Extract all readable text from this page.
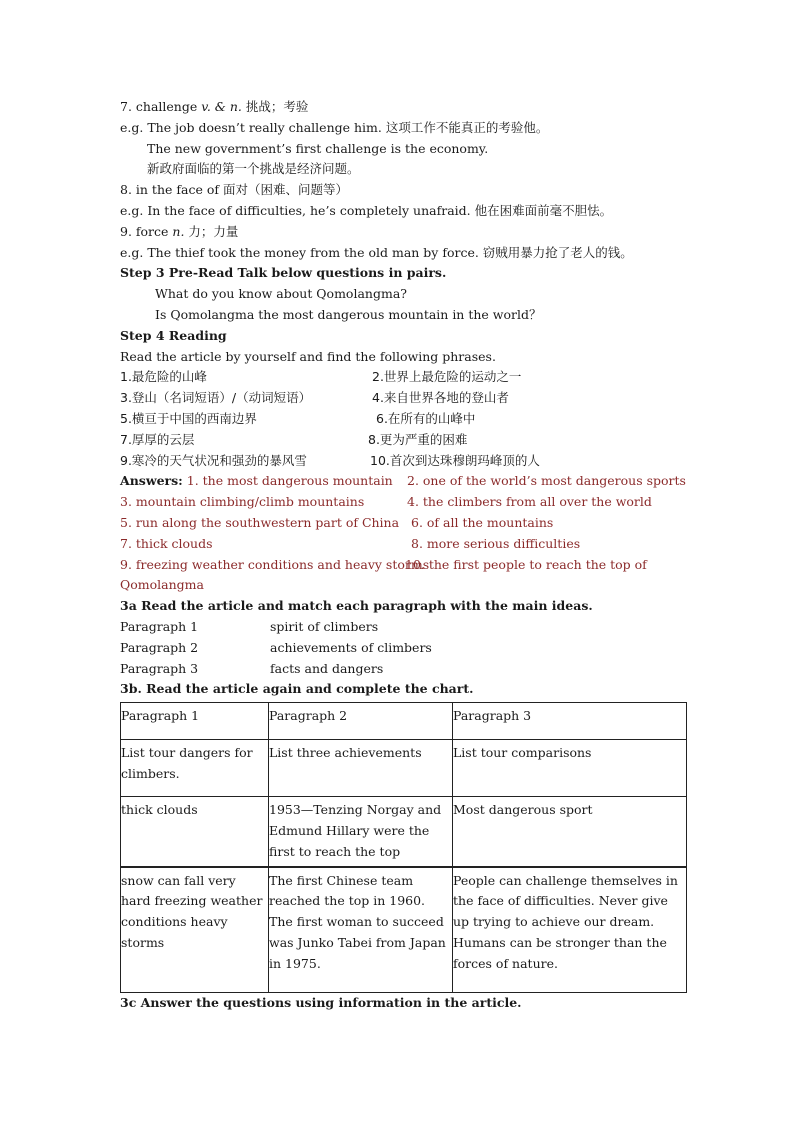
7. challenge v. & n. 挑战；考验
e.g. The job doesn’t really challenge him. 这项工作不能真正的考验他。
The new government’s first challenge is the economy.
新政府面临的第一个挑战是经济问题。
8. in the face of 面对（困难、问题等）
e.g. In the face of difficulties, he’s completely unafraid. 他在困难面前毫不胆怯。
9. force n. 力；力量
e.g. The thief took the money from the old man by force. 窃贼用暴力抢了老人的钱。
Step 3 Pre-Read Talk below questions in pairs.
What do you know about Qomolangma?
Is Qomolangma the most dangerous mountain in the world？
Step 4 Reading
Read the article by yourself and find the following phrases.
1.最危险的山峰	2.世界上最危险的运动之一
3.登山（名词短语）/（动词短语）	4.来自世界各地的登山者
5.横亘于中国的西南边界	6.在所有的山峰中
7.厚厚的云层	8.更为严重的困难
9.寒冷的天气状况和强劲的暴风雪	10.首次到达珠穆朗玛峰顶的人
Answers: 1. the most dangerous mountain 2. one of the world’s most dangerous sports
3. mountain climbing/climb mountains	4. the climbers from all over the world
5. run along the southwestern part of China 6. of all the mountains
7. thick clouds	8. more serious difficulties
9. freezing weather conditions and heavy storms
10. the first people to reach the top of
Qomolangma
3a Read the article and match each paragraph with the main ideas.
Paragraph 1	spirit of climbers
Paragraph 2	achievements of climbers
Paragraph 3	facts and dangers
3b. Read the article again and complete the chart.
Paragraph 1	Paragraph 2	Paragraph 3
List tour dangers for climbers.	List three achievements	List tour comparisons
thick clouds	1953—Tenzing Norgay and Edmund Hillary were the first to reach the top	Most dangerous sport
snow can fall very hard freezing weather conditions heavy storms	The first Chinese team reached the top in 1960. The first woman to succeed was Junko Tabei from Japan in 1975.	People can challenge themselves in the face of difficulties. Never give up trying to achieve our dream. Humans can be stronger than the forces of nature.
3c Answer the questions using information in the article.
